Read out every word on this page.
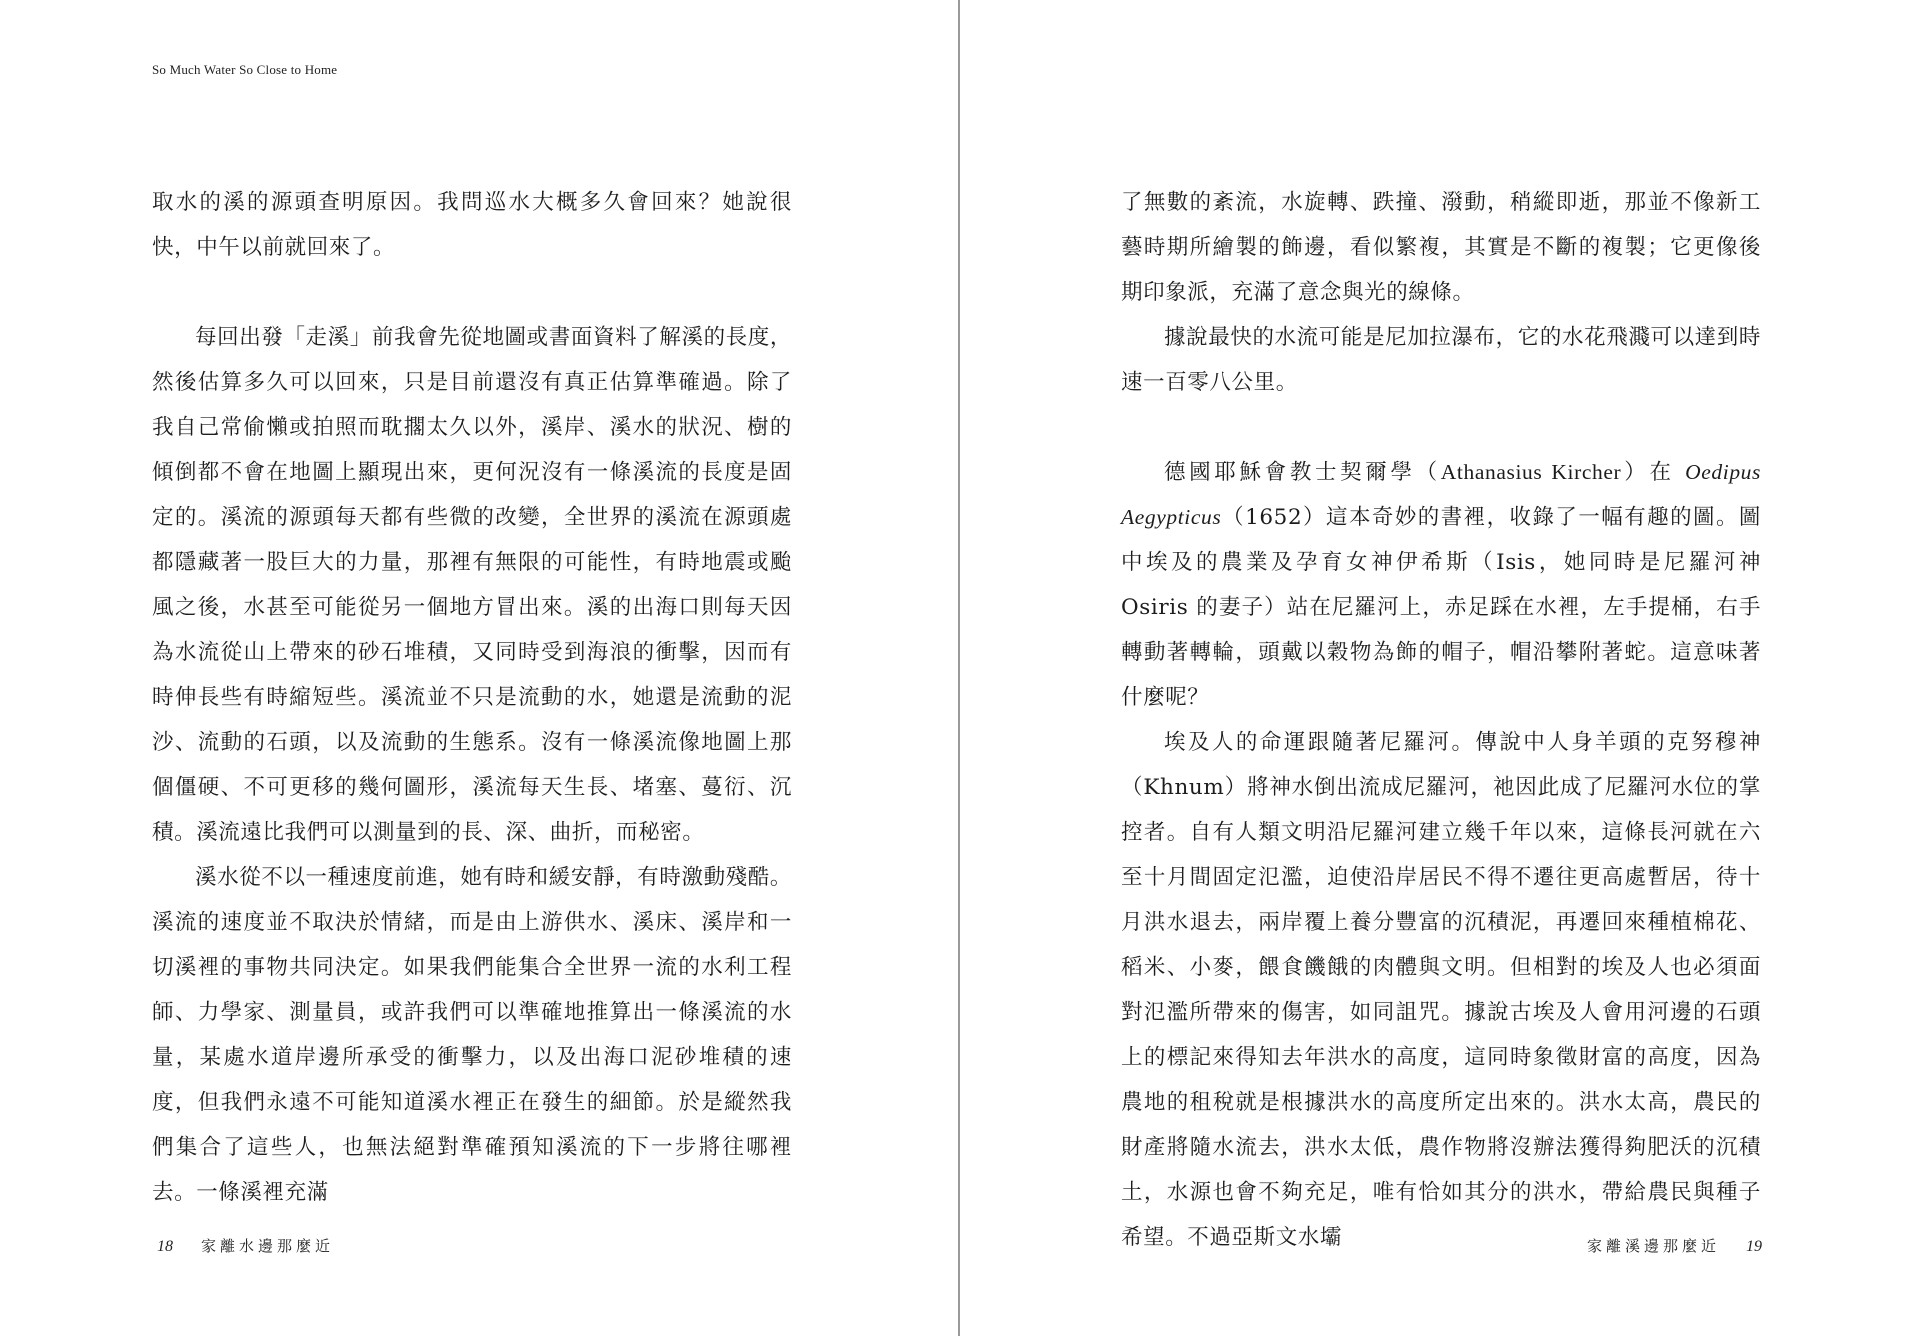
So Much Water So Close to Home

取水的溪的源頭查明原因。我問巡水大概多久會回來？她說很快，中午以前就回來了。

每回出發「走溪」前我會先從地圖或書面資料了解溪的長度，然後估算多久可以回來，只是目前還沒有真正估算準確過。除了我自己常偷懶或拍照而耽擱太久以外，溪岸、溪水的狀況、樹的傾倒都不會在地圖上顯現出來，更何況沒有一條溪流的長度是固定的。溪流的源頭每天都有些微的改變，全世界的溪流在源頭處都隱藏著一股巨大的力量，那裡有無限的可能性，有時地震或颱風之後，水甚至可能從另一個地方冒出來。溪的出海口則每天因為水流從山上帶來的砂石堆積，又同時受到海浪的衝擊，因而有時伸長些有時縮短些。溪流並不只是流動的水，她還是流動的泥沙、流動的石頭，以及流動的生態系。沒有一條溪流像地圖上那個僵硬、不可更移的幾何圖形，溪流每天生長、堵塞、蔓衍、沉積。溪流遠比我們可以測量到的長、深、曲折，而秘密。

溪水從不以一種速度前進，她有時和緩安靜，有時激動殘酷。溪流的速度並不取決於情緒，而是由上游供水、溪床、溪岸和一切溪裡的事物共同決定。如果我們能集合全世界一流的水利工程師、力學家、測量員，或許我們可以準確地推算出一條溪流的水量，某處水道岸邊所承受的衝擊力，以及出海口泥砂堆積的速度，但我們永遠不可能知道溪水裡正在發生的細節。於是縱然我們集合了這些人，也無法絕對準確預知溪流的下一步將往哪裡去。一條溪裡充滿

18 家離水邊那麼近

了無數的紊流，水旋轉、跌撞、潑動，稍縱即逝，那並不像新工藝時期所繪製的飾邊，看似繁複，其實是不斷的複製；它更像後期印象派，充滿了意念與光的線條。

據說最快的水流可能是尼加拉瀑布，它的水花飛濺可以達到時速一百零八公里。

德國耶穌會教士契爾學（Athanasius Kircher）在 Oedipus Aegypticus（1652）這本奇妙的書裡，收錄了一幅有趣的圖。圖中埃及的農業及孕育女神伊希斯（Isis，她同時是尼羅河神 Osiris 的妻子）站在尼羅河上，赤足踩在水裡，左手提桶，右手轉動著轉輪，頭戴以穀物為飾的帽子，帽沿攀附著蛇。這意味著什麼呢？

埃及人的命運跟隨著尼羅河。傳說中人身羊頭的克努穆神（Khnum）將神水倒出流成尼羅河，祂因此成了尼羅河水位的掌控者。自有人類文明沿尼羅河建立幾千年以來，這條長河就在六至十月間固定氾濫，迫使沿岸居民不得不遷往更高處暫居，待十月洪水退去，兩岸覆上養分豐富的沉積泥，再遷回來種植棉花、稻米、小麥，餵食饑餓的肉體與文明。但相對的埃及人也必須面對氾濫所帶來的傷害，如同詛咒。據說古埃及人會用河邊的石頭上的標記來得知去年洪水的高度，這同時象徵財富的高度，因為農地的租稅就是根據洪水的高度所定出來的。洪水太高，農民的財產將隨水流去，洪水太低，農作物將沒辦法獲得夠肥沃的沉積土，水源也會不夠充足，唯有恰如其分的洪水，帶給農民與種子希望。不過亞斯文水壩	家離溪邊那麼近 19
